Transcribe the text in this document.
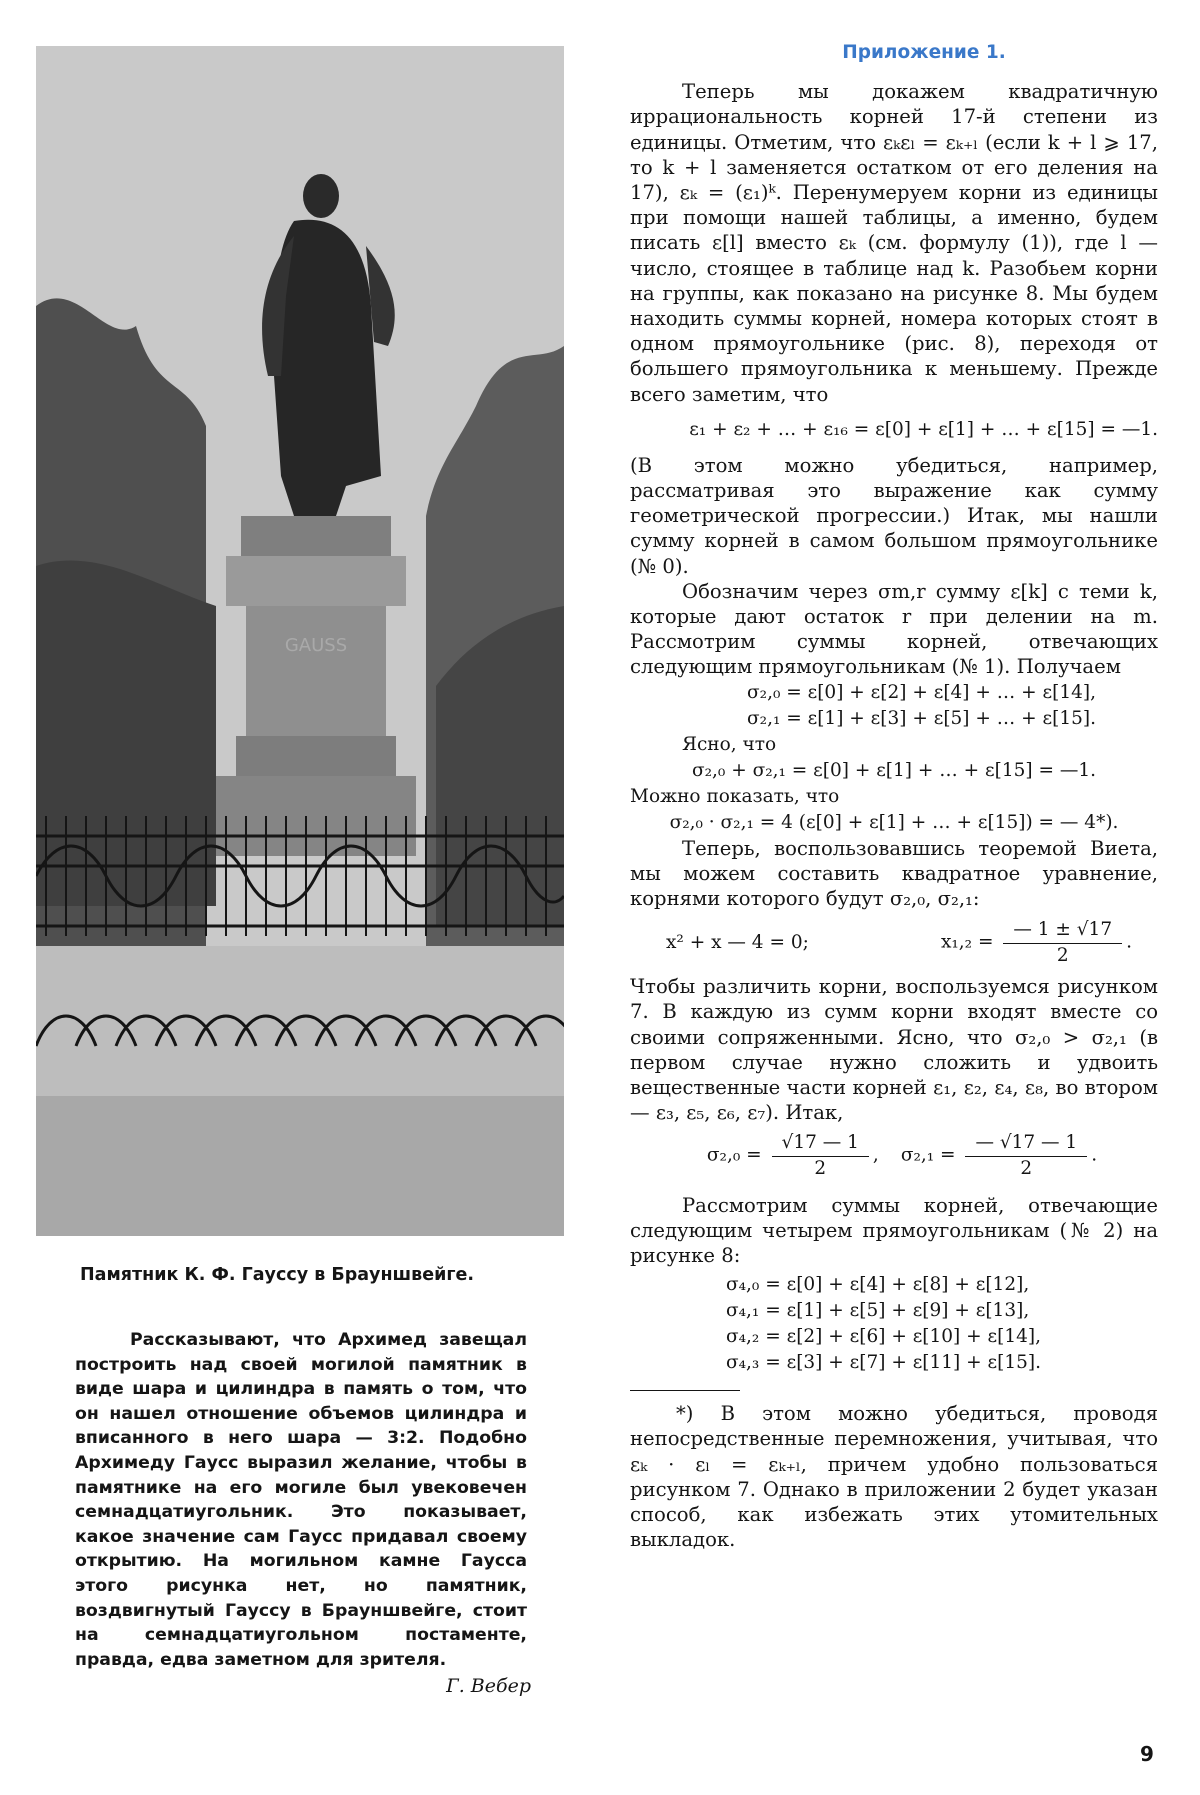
GAUSS

Памятник К. Ф. Гауссу в Брауншвейге.

Рассказывают, что Архимед завещал построить над своей могилой памятник в виде шара и цилиндра в память о том, что он нашел отношение объемов цилиндра и вписанного в него шара — 3:2. Подобно Архимеду Гаусс выразил желание, чтобы в памятнике на его могиле был увековечен семнадцатиугольник. Это показывает, какое значение сам Гаусс придавал своему открытию. На могильном камне Гаусса этого рисунка нет, но памятник, воздвигнутый Гауссу в Брауншвейге, стоит на семнадцатиугольном постаменте, правда, едва заметном для зрителя.

Г. Вебер
Приложение 1.

Теперь мы докажем квадратичную иррациональность корней 17-й степени из единицы. Отметим, что εₖεₗ = εₖ₊ₗ (если k + l ⩾ 17, то k + l заменяется остатком от его деления на 17), εₖ = (ε₁)ᵏ. Перенумеруем корни из единицы при помощи нашей таблицы, а именно, будем писать ε[l] вместо εₖ (см. формулу (1)), где l — число, стоящее в таблице над k. Разобьем корни на группы, как показано на рисунке 8. Мы будем находить суммы корней, номера которых стоят в одном прямоугольнике (рис. 8), переходя от большего прямоугольника к меньшему. Прежде всего заметим, что

ε₁ + ε₂ + … + ε₁₆ = ε[0] + ε[1] + … + ε[15] = —1.

(В этом можно убедиться, например, рассматривая это выражение как сумму геометрической прогрессии.) Итак, мы нашли сумму корней в самом большом прямоугольнике (№ 0).

Обозначим через σm,r сумму ε[k] с теми k, которые дают остаток r при делении на m. Рассмотрим суммы корней, отвечающих следующим прямоугольникам (№ 1). Получаем

σ₂,₀ = ε[0] + ε[2] + ε[4] + … + ε[14],
σ₂,₁ = ε[1] + ε[3] + ε[5] + … + ε[15].
Ясно, что
σ₂,₀ + σ₂,₁ = ε[0] + ε[1] + … + ε[15] = —1.
Можно показать, что
σ₂,₀ · σ₂,₁ = 4 (ε[0] + ε[1] + … + ε[15]) = — 4*).

Теперь, воспользовавшись теоремой Виета, мы можем составить квадратное уравнение, корнями которого будут σ₂,₀, σ₂,₁:

x² + x — 4 = 0;	$x_1,_2 = \frac{— 1 \pm √17}{2}$ .

Чтобы различить корни, воспользуемся рисунком 7. В каждую из сумм корни входят вместе со своими сопряженными. Ясно, что σ₂,₀ > σ₂,₁ (в первом случае нужно сложить и удвоить вещественные части корней ε₁, ε₂, ε₄, ε₈, во втором — ε₃, ε₅, ε₆, ε₇). Итак,

$\sigma_2,_0 = \frac{√17 — 1}{2}$ , $\sigma_2,_1 = \frac{— √17 — 1}{2}$ .

Рассмотрим суммы корней, отвечающие следующим четырем прямоугольникам (№ 2) на рисунке 8:

σ₄,₀ = ε[0] + ε[4] + ε[8] + ε[12],
σ₄,₁ = ε[1] + ε[5] + ε[9] + ε[13],
σ₄,₂ = ε[2] + ε[6] + ε[10] + ε[14],
σ₄,₃ = ε[3] + ε[7] + ε[11] + ε[15].

*) В этом можно убедиться, проводя непосредственные перемножения, учитывая, что εₖ · εₗ = εₖ₊ₗ, причем удобно пользоваться рисунком 7. Однако в приложении 2 будет указан способ, как избежать этих утомительных выкладок.

9
